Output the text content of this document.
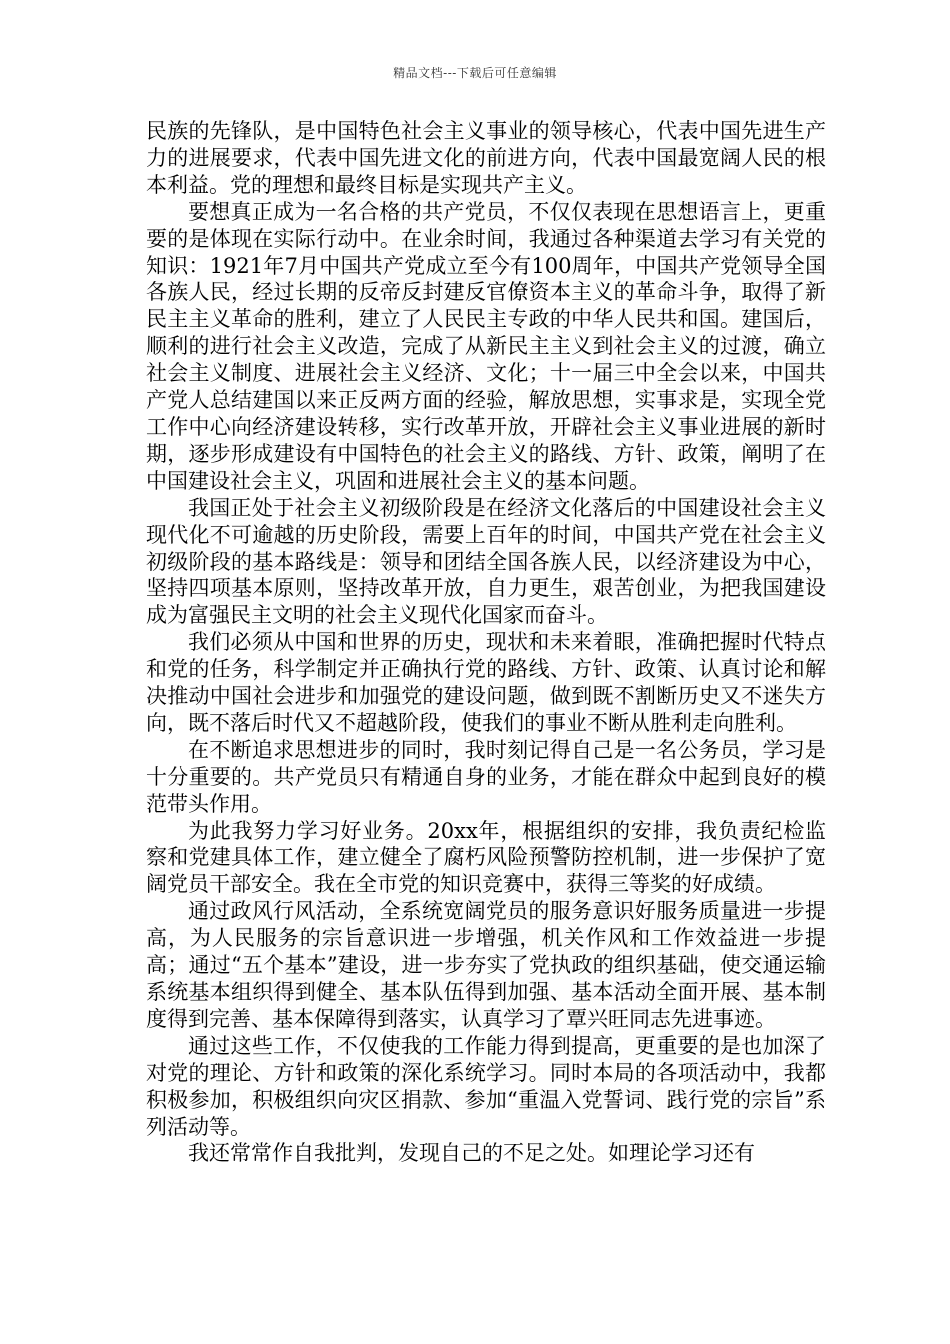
精品文档---下载后可任意编辑

民族的先锋队，是中国特色社会主义事业的领导核心，代表中国先进生产力的进展要求，代表中国先进文化的前进方向，代表中国最宽阔人民的根本利益。党的理想和最终目标是实现共产主义。

要想真正成为一名合格的共产党员，不仅仅表现在思想语言上，更重要的是体现在实际行动中。在业余时间，我通过各种渠道去学习有关党的知识：1921年7月中国共产党成立至今有100周年，中国共产党领导全国各族人民，经过长期的反帝反封建反官僚资本主义的革命斗争，取得了新民主主义革命的胜利，建立了人民民主专政的中华人民共和国。建国后，顺利的进行社会主义改造，完成了从新民主主义到社会主义的过渡，确立社会主义制度、进展社会主义经济、文化；十一届三中全会以来，中国共产党人总结建国以来正反两方面的经验，解放思想，实事求是，实现全党工作中心向经济建设转移，实行改革开放，开辟社会主义事业进展的新时期，逐步形成建设有中国特色的社会主义的路线、方针、政策，阐明了在中国建设社会主义，巩固和进展社会主义的基本问题。

我国正处于社会主义初级阶段是在经济文化落后的中国建设社会主义现代化不可逾越的历史阶段，需要上百年的时间，中国共产党在社会主义初级阶段的基本路线是：领导和团结全国各族人民，以经济建设为中心，坚持四项基本原则，坚持改革开放，自力更生，艰苦创业，为把我国建设成为富强民主文明的社会主义现代化国家而奋斗。

我们必须从中国和世界的历史，现状和未来着眼，准确把握时代特点和党的任务，科学制定并正确执行党的路线、方针、政策、认真讨论和解决推动中国社会进步和加强党的建设问题，做到既不割断历史又不迷失方向，既不落后时代又不超越阶段，使我们的事业不断从胜利走向胜利。

在不断追求思想进步的同时，我时刻记得自己是一名公务员，学习是十分重要的。共产党员只有精通自身的业务，才能在群众中起到良好的模范带头作用。

为此我努力学习好业务。20xx年，根据组织的安排，我负责纪检监察和党建具体工作，建立健全了腐朽风险预警防控机制，进一步保护了宽阔党员干部安全。我在全市党的知识竞赛中，获得三等奖的好成绩。

通过政风行风活动，全系统宽阔党员的服务意识好服务质量进一步提高，为人民服务的宗旨意识进一步增强，机关作风和工作效益进一步提高；通过“五个基本”建设，进一步夯实了党执政的组织基础，使交通运输系统基本组织得到健全、基本队伍得到加强、基本活动全面开展、基本制度得到完善、基本保障得到落实，认真学习了覃兴旺同志先进事迹。

通过这些工作，不仅使我的工作能力得到提高，更重要的是也加深了对党的理论、方针和政策的深化系统学习。同时本局的各项活动中，我都积极参加，积极组织向灾区捐款、参加“重温入党誓词、践行党的宗旨”系列活动等。

我还常常作自我批判，发现自己的不足之处。如理论学习还有
